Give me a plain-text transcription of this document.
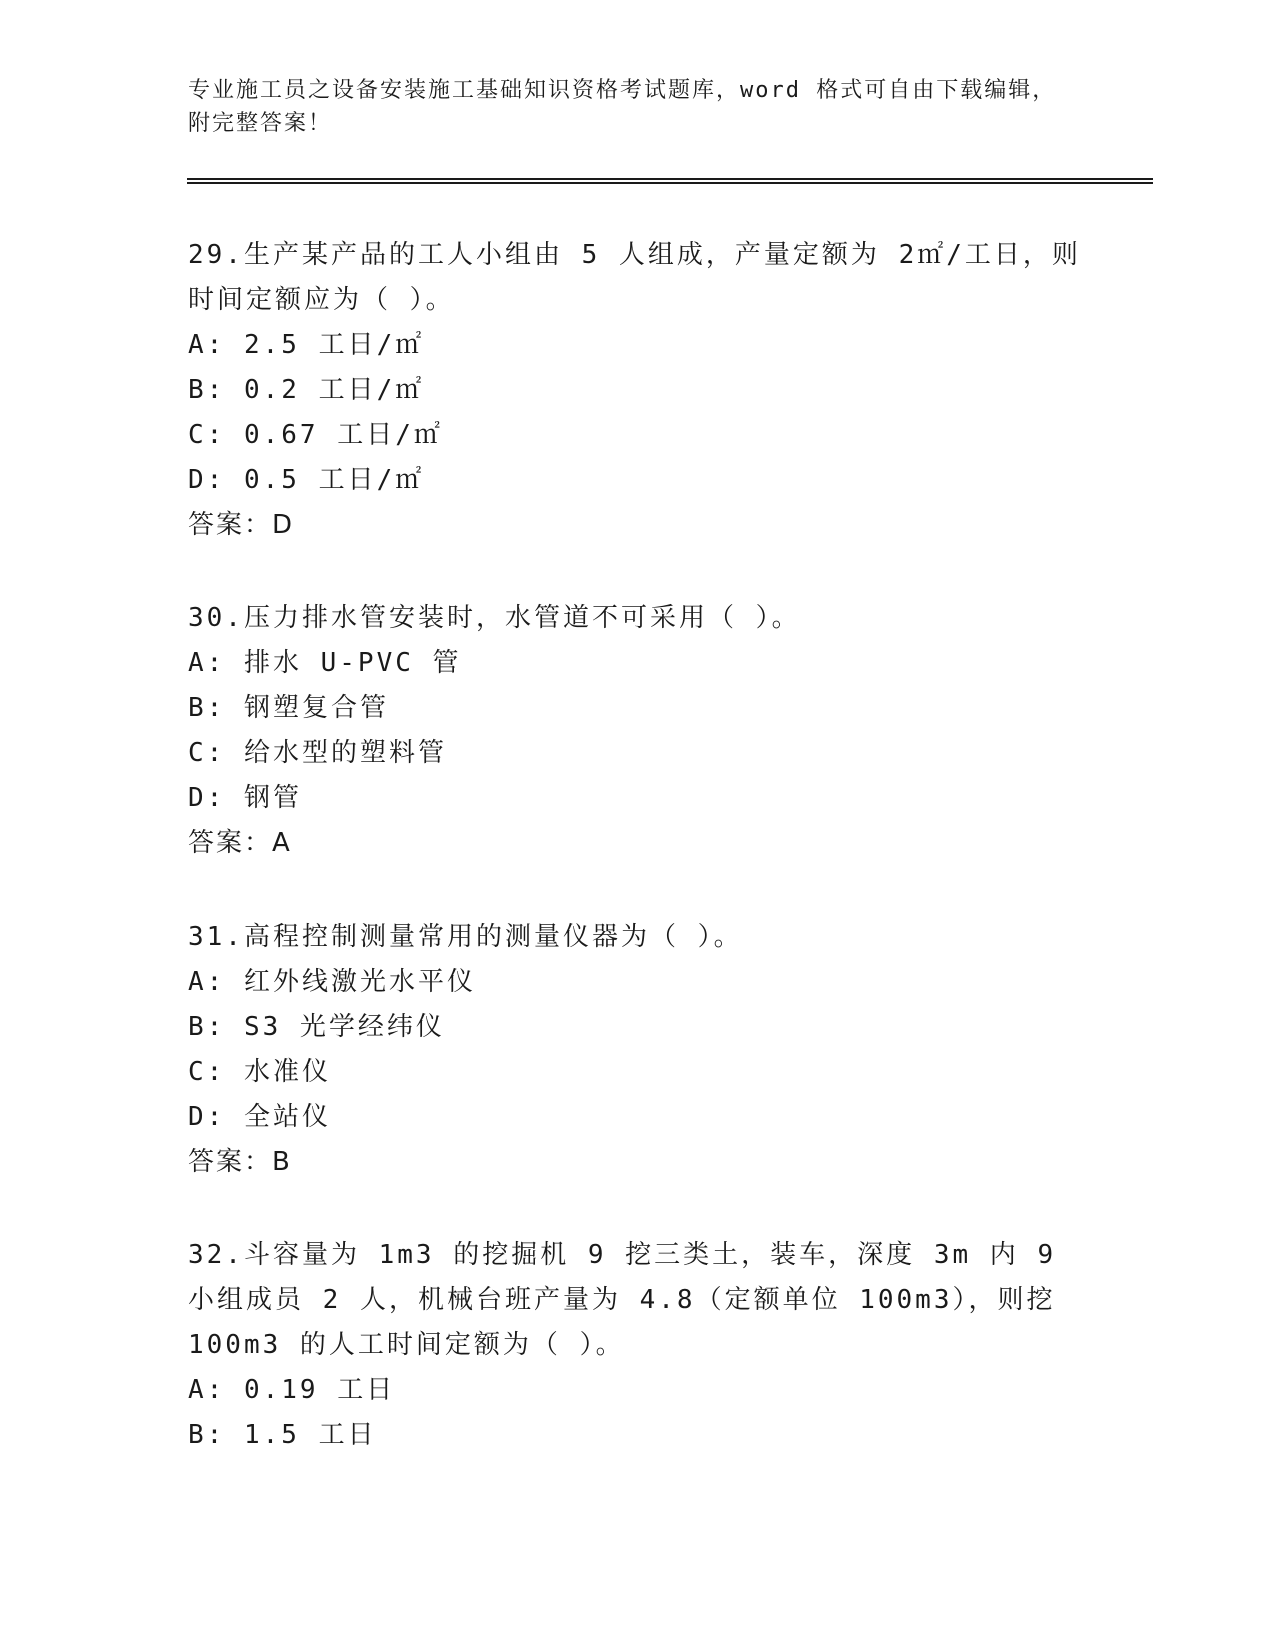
专业施工员之设备安装施工基础知识资格考试题库，word 格式可自由下载编辑，附完整答案！
29.生产某产品的工人小组由 5 人组成，产量定额为 2㎡/工日，则时间定额应为（ ）。
A: 2.5 工日/㎡
B: 0.2 工日/㎡
C: 0.67 工日/㎡
D: 0.5 工日/㎡
答案：D
30.压力排水管安装时，水管道不可采用（ ）。
A: 排水 U-PVC 管
B: 钢塑复合管
C: 给水型的塑料管
D: 钢管
答案：A
31.高程控制测量常用的测量仪器为（ ）。
A: 红外线激光水平仪
B: S3 光学经纬仪
C: 水准仪
D: 全站仪
答案：B
32.斗容量为 1m3 的挖掘机 9 挖三类土，装车，深度 3m 内 9 小组成员 2 人，机械台班产量为 4.8（定额单位 100m3），则挖 100m3 的人工时间定额为（ ）。
A: 0.19 工日
B: 1.5 工日
